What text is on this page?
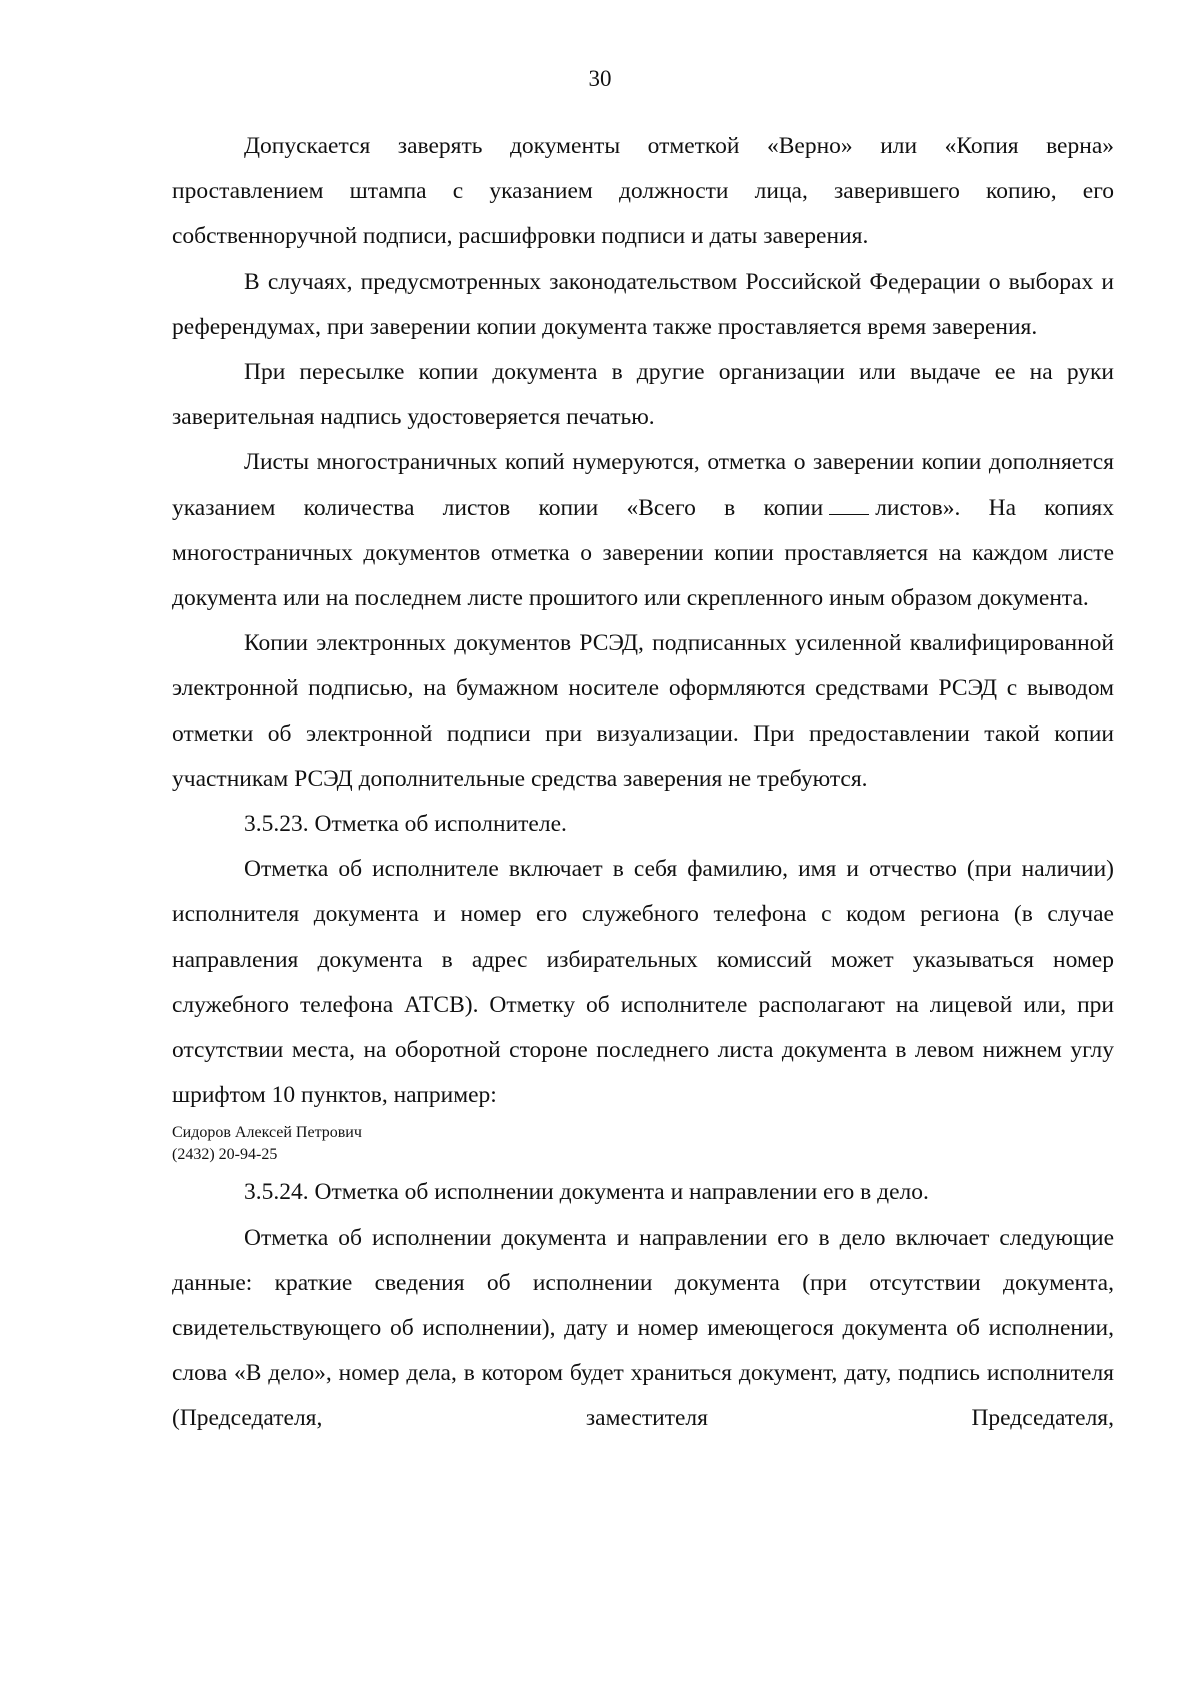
30

Допускается заверять документы отметкой «Верно» или «Копия верна» проставлением штампа с указанием должности лица, заверившего копию, его собственноручной подписи, расшифровки подписи и даты заверения.

В случаях, предусмотренных законодательством Российской Федерации о выборах и референдумах, при заверении копии документа также проставляется время заверения.

При пересылке копии документа в другие организации или выдаче ее на руки заверительная надпись удостоверяется печатью.

Листы многостраничных копий нумеруются, отметка о заверении копии дополняется указанием количества листов копии «Всего в копии листов». На копиях многостраничных документов отметка о заверении копии проставляется на каждом листе документа или на последнем листе прошитого или скрепленного иным образом документа.

Копии электронных документов РСЭД, подписанных усиленной квалифицированной электронной подписью, на бумажном носителе оформляются средствами РСЭД с выводом отметки об электронной подписи при визуализации. При предоставлении такой копии участникам РСЭД дополнительные средства заверения не требуются.

3.5.23. Отметка об исполнителе.

Отметка об исполнителе включает в себя фамилию, имя и отчество (при наличии) исполнителя документа и номер его служебного телефона с кодом региона (в случае направления документа в адрес избирательных комиссий может указываться номер служебного телефона АТСВ). Отметку об исполнителе располагают на лицевой или, при отсутствии места, на оборотной стороне последнего листа документа в левом нижнем углу шрифтом 10 пунктов, например:

Сидоров Алексей Петрович
(2432) 20-94-25

3.5.24. Отметка об исполнении документа и направлении его в дело.

Отметка об исполнении документа и направлении его в дело включает следующие данные: краткие сведения об исполнении документа (при отсутствии документа, свидетельствующего об исполнении), дату и номер имеющегося документа об исполнении, слова «В дело», номер дела, в котором будет храниться документ, дату, подпись исполнителя (Председателя, заместителя Председателя,
